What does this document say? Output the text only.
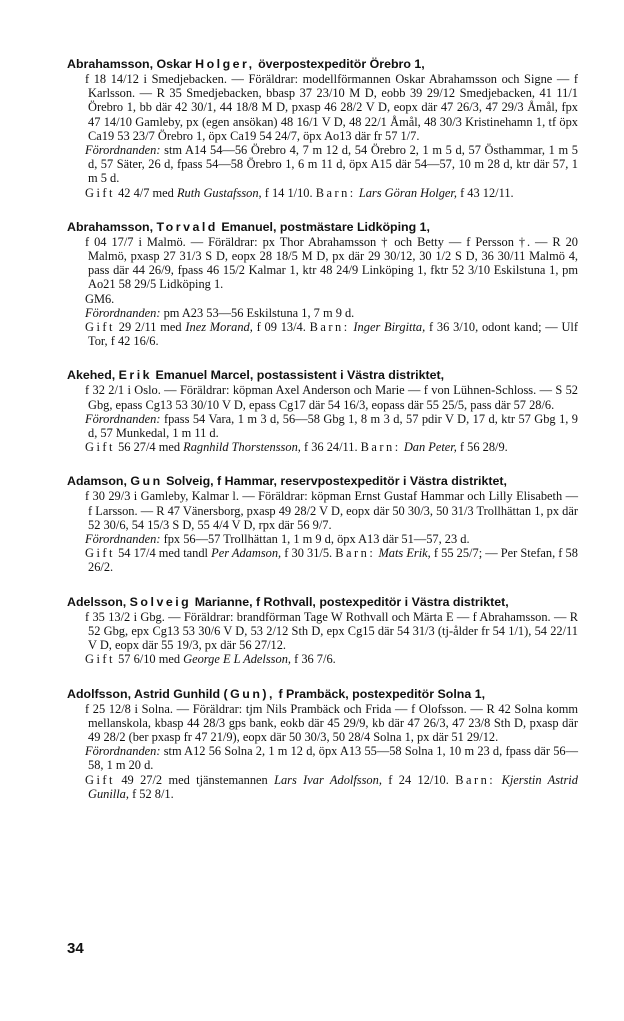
Abrahamsson, Oskar Holger, överpostexpeditör Örebro 1,
f 18 14/12 i Smedjebacken. — Föräldrar: modellförmannen Oskar Abrahamsson och Signe — f Karlsson. — R 35 Smedjebacken, bbasp 37 23/10 M D, eobb 39 29/12 Smedjebacken, 41 11/1 Örebro 1, bb där 42 30/1, 44 18/8 M D, pxasp 46 28/2 V D, eopx där 47 26/3, 47 29/3 Åmål, fpx 47 14/10 Gamleby, px (egen ansökan) 48 16/1 V D, 48 22/1 Åmål, 48 30/3 Kristinehamn 1, tf öpx Ca19 53 23/7 Örebro 1, öpx Ca19 54 24/7, öpx Ao13 där fr 57 1/7.
Förordnanden: stm A14 54—56 Örebro 4, 7 m 12 d, 54 Örebro 2, 1 m 5 d, 57 Östhammar, 1 m 5 d, 57 Säter, 26 d, fpass 54—58 Örebro 1, 6 m 11 d, öpx A15 där 54—57, 10 m 28 d, ktr där 57, 1 m 5 d.
Gift 42 4/7 med Ruth Gustafsson, f 14 1/10. Barn: Lars Göran Holger, f 43 12/11.
Abrahamsson, Torvald Emanuel, postmästare Lidköping 1,
f 04 17/7 i Malmö. — Föräldrar: px Thor Abrahamsson † och Betty — f Persson †. — R 20 Malmö, pxasp 27 31/3 S D, eopx 28 18/5 M D, px där 29 30/12, 30 1/2 S D, 36 30/11 Malmö 4, pass där 44 26/9, fpass 46 15/2 Kalmar 1, ktr 48 24/9 Linköping 1, fktr 52 3/10 Eskilstuna 1, pm Ao21 58 29/5 Lidköping 1.
GM6.
Förordnanden: pm A23 53—56 Eskilstuna 1, 7 m 9 d.
Gift 29 2/11 med Inez Morand, f 09 13/4. Barn: Inger Birgitta, f 36 3/10, odont kand; — Ulf Tor, f 42 16/6.
Akehed, Erik Emanuel Marcel, postassistent i Västra distriktet,
f 32 2/1 i Oslo. — Föräldrar: köpman Axel Anderson och Marie — f von Lühnen-Schloss. — S 52 Gbg, epass Cg13 53 30/10 V D, epass Cg17 där 54 16/3, eopass där 55 25/5, pass där 57 28/6.
Förordnanden: fpass 54 Vara, 1 m 3 d, 56—58 Gbg 1, 8 m 3 d, 57 pdir V D, 17 d, ktr 57 Gbg 1, 9 d, 57 Munkedal, 1 m 11 d.
Gift 56 27/4 med Ragnhild Thorstensson, f 36 24/11. Barn: Dan Peter, f 56 28/9.
Adamson, Gun Solveig, f Hammar, reservpostexpeditör i Västra distriktet,
f 30 29/3 i Gamleby, Kalmar l. — Föräldrar: köpman Ernst Gustaf Hammar och Lilly Elisabeth — f Larsson. — R 47 Vänersborg, pxasp 49 28/2 V D, eopx där 50 30/3, 50 31/3 Trollhättan 1, px där 52 30/6, 54 15/3 S D, 55 4/4 V D, rpx där 56 9/7.
Förordnanden: fpx 56—57 Trollhättan 1, 1 m 9 d, öpx A13 där 51—57, 23 d.
Gift 54 17/4 med tandl Per Adamson, f 30 31/5. Barn: Mats Erik, f 55 25/7; — Per Stefan, f 58 26/2.
Adelsson, Solveig Marianne, f Rothvall, postexpeditör i Västra distriktet,
f 35 13/2 i Gbg. — Föräldrar: brandförman Tage W Rothvall och Märta E — f Abrahamsson. — R 52 Gbg, epx Cg13 53 30/6 V D, 53 2/12 Sth D, epx Cg15 där 54 31/3 (tj-ålder fr 54 1/1), 54 22/11 V D, eopx där 55 19/3, px där 56 27/12.
Gift 57 6/10 med George E L Adelsson, f 36 7/6.
Adolfsson, Astrid Gunhild (Gun), f Prambäck, postexpeditör Solna 1,
f 25 12/8 i Solna. — Föräldrar: tjm Nils Prambäck och Frida — f Olofsson. — R 42 Solna komm mellanskola, kbasp 44 28/3 gps bank, eokb där 45 29/9, kb där 47 26/3, 47 23/8 Sth D, pxasp där 49 28/2 (ber pxasp fr 47 21/9), eopx där 50 30/3, 50 28/4 Solna 1, px där 51 29/12.
Förordnanden: stm A12 56 Solna 2, 1 m 12 d, öpx A13 55—58 Solna 1, 10 m 23 d, fpass där 56—58, 1 m 20 d.
Gift 49 27/2 med tjänstemannen Lars Ivar Adolfsson, f 24 12/10. Barn: Kjerstin Astrid Gunilla, f 52 8/1.
34
